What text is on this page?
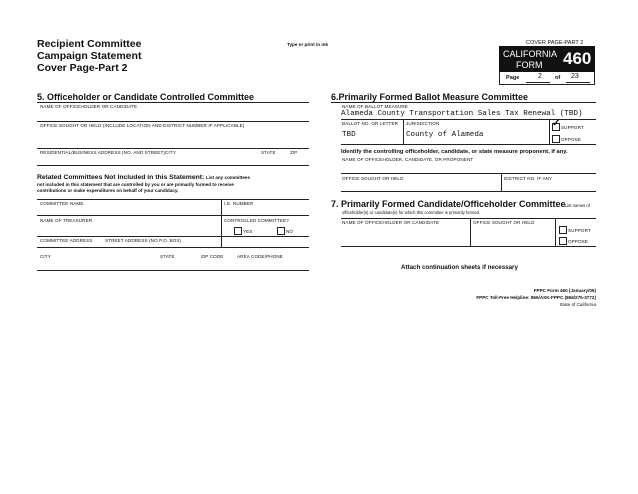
Recipient Committee
Campaign Statement
Cover Page-Part 2
Type or print in ink	COVER PAGE-PART 2
CALIFORNIA
FORM 460
Page	2 of 23
5. Officeholder or Candidate Controlled Committee
NAME OF OFFICEHOLDER OR CANDIDATE
OFFICE SOUGHT OR HELD (INCLUDE LOCATION AND DISTRICT NUMBER IF APPLICABLE)
RESIDENTIAL/BUSINESS ADDRESS (NO. AND STREET) CITY	STATE	ZIP
Related Committees Not Included in this Statement: List any committees
not included in this statement that are controlled by you or are primarily formed to receive
contributions or make expenditures on behalf of your candidacy.
COMMITTEE NAME	I.D. NUMBER
NAME OF TREASURER	CONTROLLED COMMITTEE?
YES	NO
COMMITTEE ADDRESS	STREET ADDRESS (NO P.O. BOX)
CITY	STATE	ZIP CODE	AREA CODE/PHONE
6.Primarily Formed Ballot Measure Committee
NAME OF BALLOT MEASURE
Alameda County Transportation Sales Tax Renewal (TBD)
BALLOT NO. OR LETTER
TBD
JURISDICTION
County of Alameda
✓ SUPPORT
OPPOSE
Identify the controlling officeholder, candidate, or state measure proponent, if any.
NAME OF OFFICEHOLDER, CANDIDATE, OR PROPONENT
OFFICE SOUGHT OR HELD	DISTRICT NO. IF ANY
7. Primarily Formed Candidate/Officeholder Committee List names of
officeholder(s) or candidate(s) for which this committee is primarily formed.
NAME OF OFFICEHOLDER OR CANDIDATE	OFFICE SOUGHT OR HELD
SUPPORT
OPPOSE
Attach continuation sheets if necessary
FPPC Form 460 (January/05)
FPPC Toll-Free Helpline: 866/ASK-FPPC (866/275-3772)
State of California
